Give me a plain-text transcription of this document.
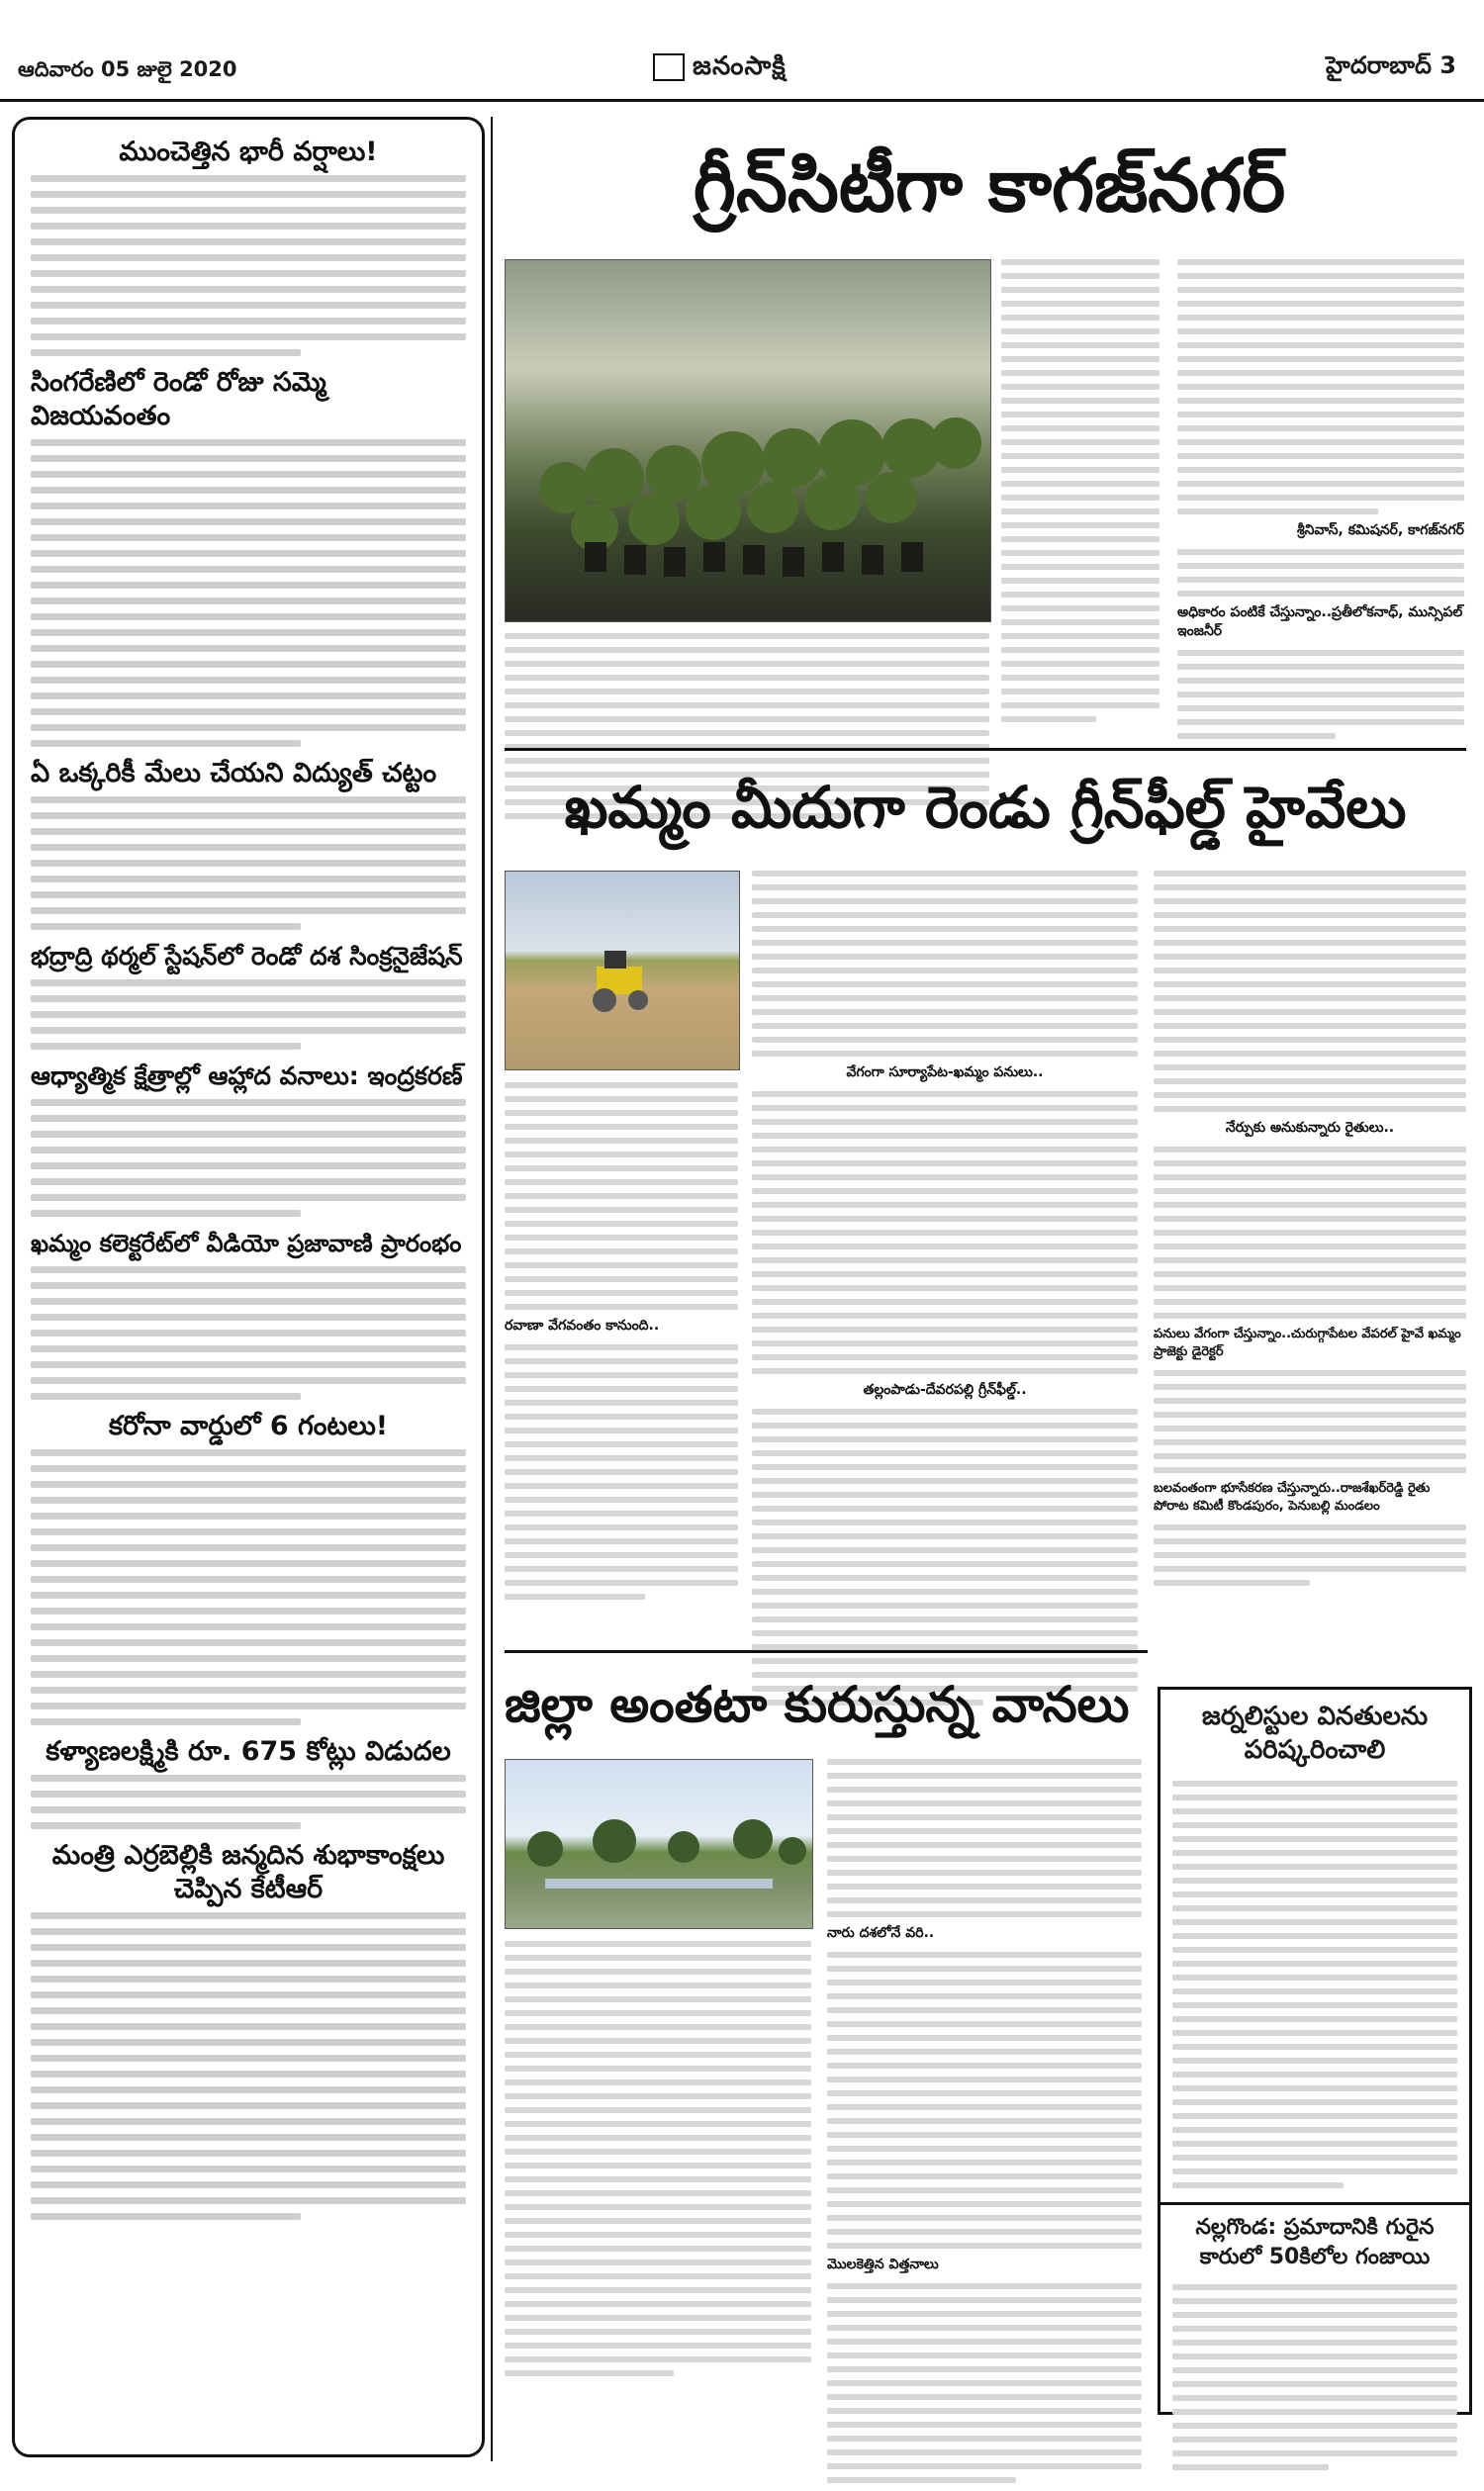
ఆదివారం 05 జులై 2020	జనంసాక్షి	హైదరాబాద్ 3
ముంచెత్తిన భారీ వర్షాలు!
సింగరేణిలో రెండో రోజు సమ్మె విజయవంతం
ఏ ఒక్కరికీ మేలు చేయని విద్యుత్ చట్టం
భద్రాద్రి థర్మల్ స్టేషన్‌లో రెండో దశ సింక్రనైజేషన్
ఆధ్యాత్మిక క్షేత్రాల్లో ఆహ్లాద వనాలు: ఇంద్రకరణ్
ఖమ్మం కలెక్టరేట్‌లో వీడియో ప్రజావాణి ప్రారంభం
కరోనా వార్డులో 6 గంటలు!
కళ్యాణలక్ష్మికి రూ. 675 కోట్లు విడుదల
మంత్రి ఎర్రబెల్లికి జన్మదిన శుభాకాంక్షలు చెప్పిన కేటీఆర్
గ్రీన్‌సిటీగా కాగజ్‌నగర్
శ్రీనివాస్, కమిషనర్, కాగజ్‌నగర్
అధికారం పంటికే చేస్తున్నాం..ప్రతీలోకనాధ్, మున్సిపల్ ఇంజనీర్
ఖమ్మం మీదుగా రెండు గ్రీన్‌ఫీల్డ్ హైవేలు
రవాణా వేగవంతం కానుంది..
వేగంగా సూర్యాపేట-ఖమ్మం పనులు..
తల్లంపాడు-దేవరపల్లి గ్రీన్‌ఫీల్డ్..
నేర్పుకు అనుకున్నారు రైతులు..
పనులు వేగంగా చేస్తున్నాం..చురుగ్గాపేటల వేపరల్ హైవే ఖమ్మం ప్రాజెక్టు డైరెక్టర్
బలవంతంగా భూసేకరణ చేస్తున్నారు..రాజశేఖర్‌రెడ్డి రైతు పోరాట కమిటీ కొండపురం, పెనుబల్లి మండలం
జిల్లా అంతటా కురుస్తున్న వానలు
నారు దశలోనే వరి..
మొలకెత్తిన విత్తనాలు
జర్నలిస్టుల వినతులను పరిష్కరించాలి
నల్లగొండ: ప్రమాదానికి గురైన కారులో 50కిలోల గంజాయి
